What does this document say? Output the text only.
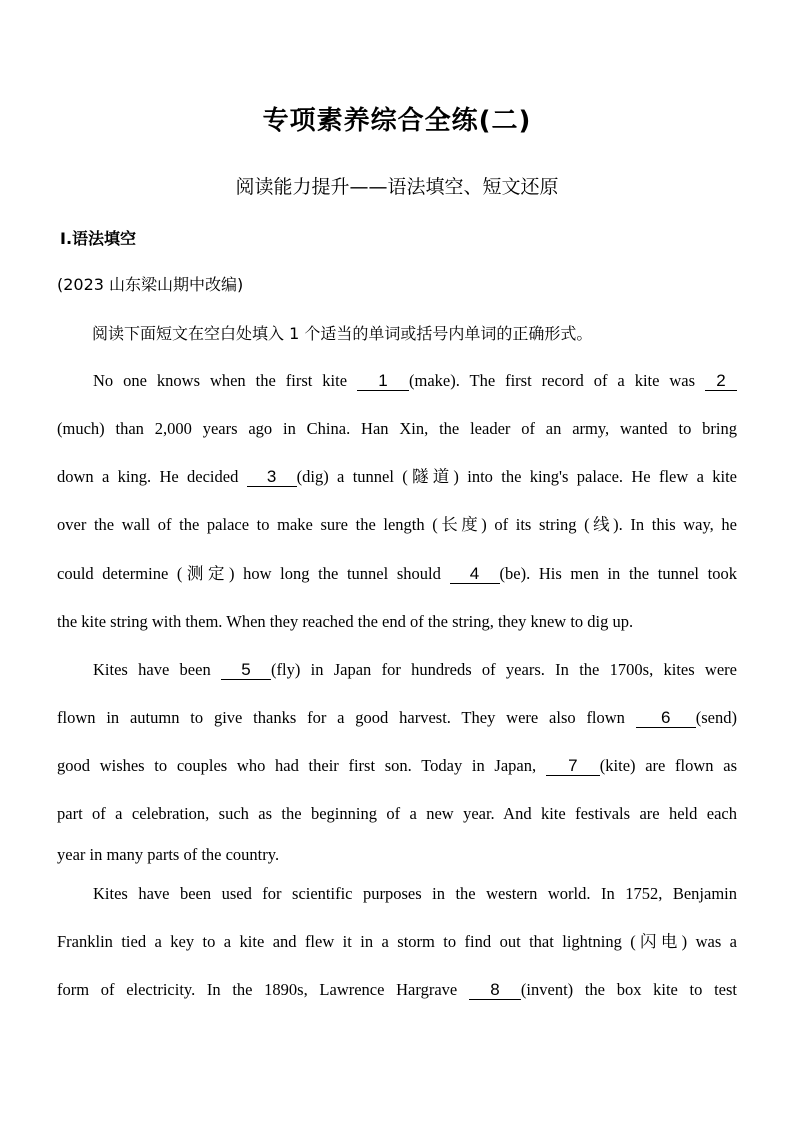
专项素养综合全练(二)
阅读能力提升——语法填空、短文还原
Ⅰ.语法填空
(2023 山东梁山期中改编)
阅读下面短文在空白处填入 1 个适当的单词或括号内单词的正确形式。
No one knows when the first kite 1 (make). The first record of a kite was 2
(much) than 2,000 years ago in China. Han Xin, the leader of an army, wanted to bring
down a king. He decided 3 (dig) a tunnel (隧道) into the king's palace. He flew a kite
over the wall of the palace to make sure the length (长度) of its string (线). In this way, he
could determine (测定) how long the tunnel should 4 (be). His men in the tunnel took
the kite string with them. When they reached the end of the string, they knew to dig up.
Kites have been 5 (fly) in Japan for hundreds of years. In the 1700s, kites were
flown in autumn to give thanks for a good harvest. They were also flown 6 (send)
good wishes to couples who had their first son. Today in Japan, 7 (kite) are flown as
part of a celebration, such as the beginning of a new year. And kite festivals are held each
year in many parts of the country.
Kites have been used for scientific purposes in the western world. In 1752, Benjamin
Franklin tied a key to a kite and flew it in a storm to find out that lightning (闪电) was a
form of electricity. In the 1890s, Lawrence Hargrave 8 (invent) the box kite to test
